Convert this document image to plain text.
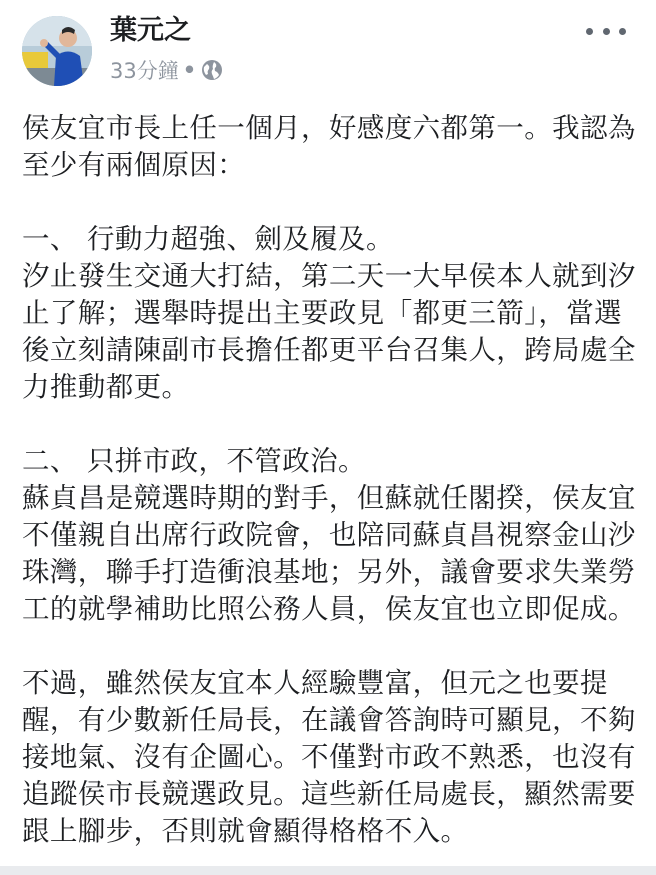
葉元之
33分鐘 •

侯友宜市長上任一個月，好感度六都第一。我認為

至少有兩個原因：

一、 行動力超強、劍及履及。

汐止發生交通大打結，第二天一大早侯本人就到汐

止了解；選舉時提出主要政見「都更三箭」，當選

後立刻請陳副市長擔任都更平台召集人，跨局處全

力推動都更。

二、 只拼市政，不管政治。

蘇貞昌是競選時期的對手，但蘇就任閣揆，侯友宜

不僅親自出席行政院會，也陪同蘇貞昌視察金山沙

珠灣，聯手打造衝浪基地；另外，議會要求失業勞

工的就學補助比照公務人員，侯友宜也立即促成。

不過，雖然侯友宜本人經驗豐富，但元之也要提

醒，有少數新任局長，在議會答詢時可顯見，不夠

接地氣、沒有企圖心。不僅對市政不熟悉，也沒有

追蹤侯市長競選政見。這些新任局處長，顯然需要

跟上腳步，否則就會顯得格格不入。
